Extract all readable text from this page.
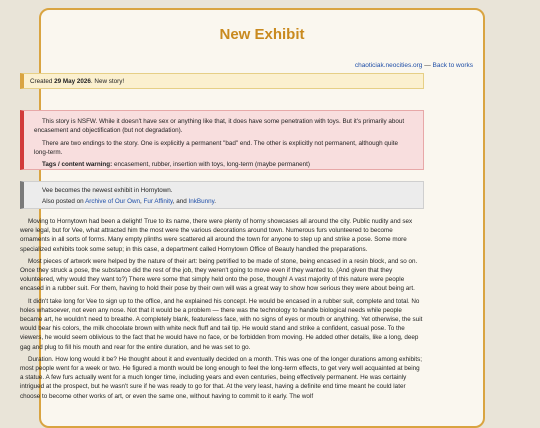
New Exhibit
chaoticiak.neocities.org — Back to works
Created 29 May 2026. New story!

This story is NSFW. While it doesn't have sex or anything like that, it does have some penetration with toys. But it's primarily about encasement and objectification (but not degradation).

There are two endings to the story. One is explicitly a permanent "bad" end. The other is explicitly not permanent, although quite long-term.

Tags / content warning: encasement, rubber, insertion with toys, long-term (maybe permanent)

Vee becomes the newest exhibit in Hornytown.

Also posted on Archive of Our Own, Fur Affinity, and InkBunny.

Moving to Hornytown had been a delight! True to its name, there were plenty of horny showcases all around the city. Public nudity and sex were legal, but for Vee, what attracted him the most were the various decorations around town. Numerous furs volunteered to become ornaments in all sorts of forms. Many empty plinths were scattered all around the town for anyone to step up and strike a pose. Some more specialized exhibits took some setup; in this case, a department called Hornytown Office of Beauty handled the preparations.

Most pieces of artwork were helped by the nature of their art: being petrified to be made of stone, being encased in a resin block, and so on. Once they struck a pose, the substance did the rest of the job, they weren't going to move even if they wanted to. (And given that they volunteered, why would they want to?) There were some that simply held onto the pose, though! A vast majority of this nature were people encased in a rubber suit. For them, having to hold their pose by their own will was a great way to show how serious they were about being art.

It didn't take long for Vee to sign up to the office, and he explained his concept. He would be encased in a rubber suit, complete and total. No holes whatsoever, not even any nose. Not that it would be a problem — there was the technology to handle biological needs while people became art, he wouldn't need to breathe. A completely blank, featureless face, with no signs of eyes or mouth or anything. Yet otherwise, the suit would bear his colors, the milk chocolate brown with white neck fluff and tail tip. He would stand and strike a confident, casual pose. To the viewers, he would seem oblivious to the fact that he would have no face, or be forbidden from moving. He added other details, like a long, deep gag and plug to fill his mouth and rear for the entire duration, and he was set to go.

Duration. How long would it be? He thought about it and eventually decided on a month. This was one of the longer durations among exhibits; most people went for a week or two. He figured a month would be long enough to feel the long-term effects, to get very well acquainted at being a statue. A few furs actually went for a much longer time, including years and even centuries, being effectively permanent. He was certainly intrigued at the prospect, but he wasn't sure if he was ready to go for that. At the very least, having a definite end time meant he could later choose to become other works of art, or even the same one, without having to commit to it early. The wolf
